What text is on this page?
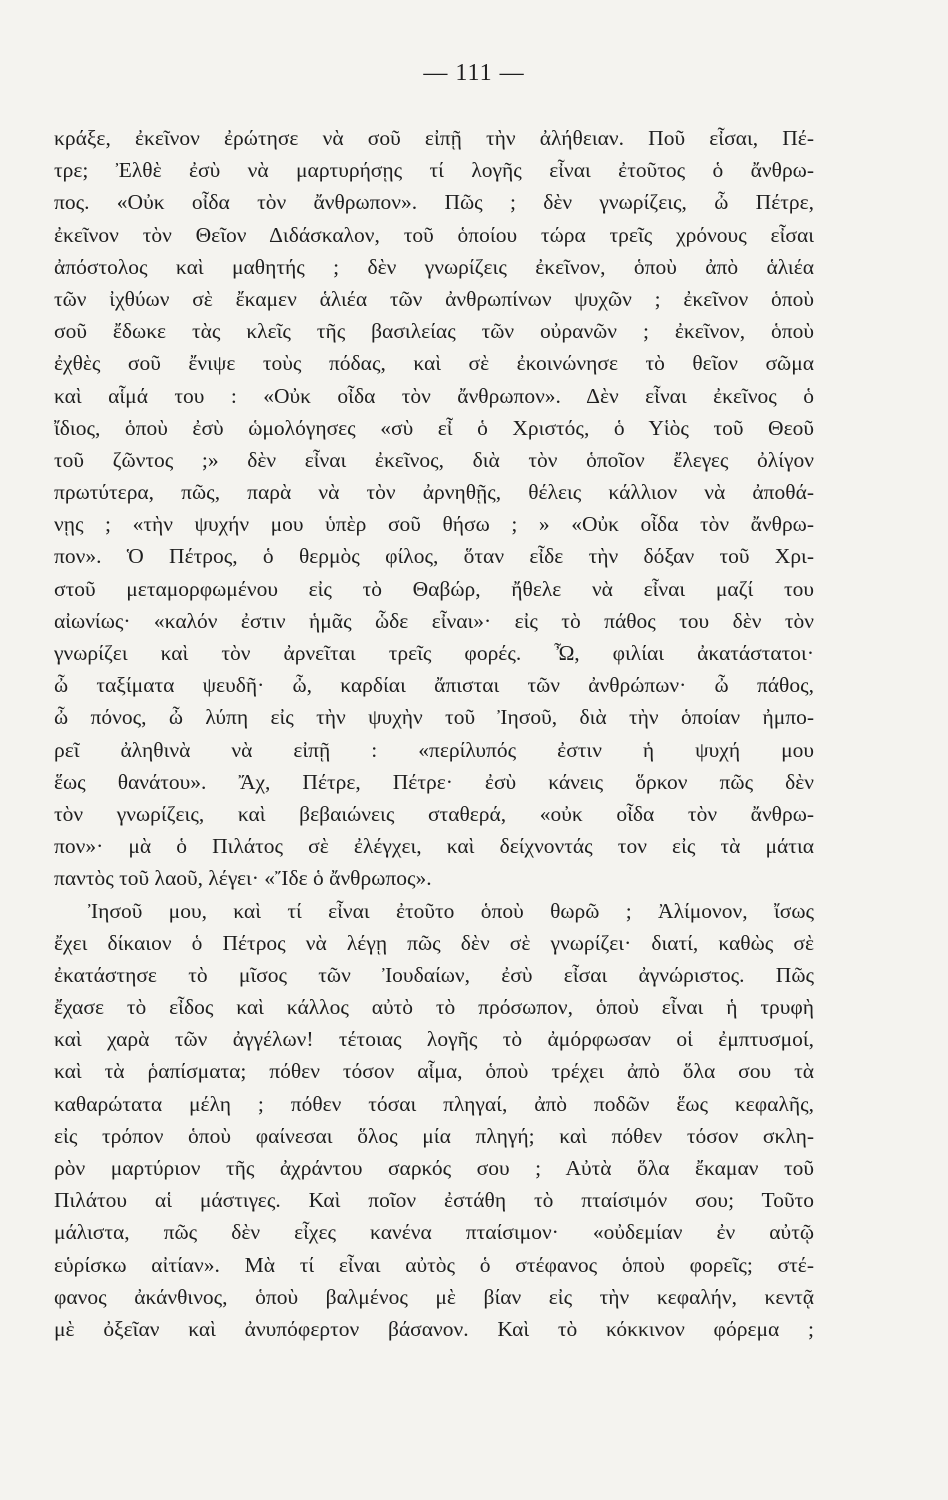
— 111 —
κράξε, ἐκεῖνον ἐρώτησε νὰ σοῦ εἰπῇ τὴν ἀλήθειαν. Ποῦ εἶσαι, Πέ-
τρε; Ἐλθὲ ἐσὺ νὰ μαρτυρήσῃς τί λογῆς εἶναι ἐτοῦτος ὁ ἄνθρω-
πος. «Οὐκ οἶδα τὸν ἄνθρωπον». Πῶς ; δὲν γνωρίζεις, ὦ Πέτρε,
ἐκεῖνον τὸν Θεῖον Διδάσκαλον, τοῦ ὁποίου τώρα τρεῖς χρόνους εἶσαι
ἀπόστολος καὶ μαθητής ; δὲν γνωρίζεις ἐκεῖνον, ὁποὺ ἀπὸ ἁλιέα
τῶν ἰχθύων σὲ ἔκαμεν ἁλιέα τῶν ἀνθρωπίνων ψυχῶν ; ἐκεῖνον ὁποὺ
σοῦ ἔδωκε τὰς κλεῖς τῆς βασιλείας τῶν οὐρανῶν ; ἐκεῖνον, ὁποὺ
ἐχθὲς σοῦ ἔνιψε τοὺς πόδας, καὶ σὲ ἐκοινώνησε τὸ θεῖον σῶμα
καὶ αἷμά του : «Οὐκ οἶδα τὸν ἄνθρωπον». Δὲν εἶναι ἐκεῖνος ὁ
ἴδιος, ὁποὺ ἐσὺ ὡμολόγησες «σὺ εἶ ὁ Χριστός, ὁ Υἱὸς τοῦ Θεοῦ
τοῦ ζῶντος ;» δὲν εἶναι ἐκεῖνος, διὰ τὸν ὁποῖον ἔλεγες ὀλίγον
πρωτύτερα, πῶς, παρὰ νὰ τὸν ἀρνηθῇς, θέλεις κάλλιον νὰ ἀποθά-
νῃς ; «τὴν ψυχήν μου ὑπὲρ σοῦ θήσω ; » «Οὐκ οἶδα τὸν ἄνθρω-
πον». Ὁ Πέτρος, ὁ θερμὸς φίλος, ὅταν εἶδε τὴν δόξαν τοῦ Χρι-
στοῦ μεταμορφωμένου εἰς τὸ Θαβώρ, ἤθελε νὰ εἶναι μαζί του
αἰωνίως· «καλόν ἐστιν ἡμᾶς ὧδε εἶναι»· εἰς τὸ πάθος του δὲν τὸν
γνωρίζει καὶ τὸν ἀρνεῖται τρεῖς φορές. Ὦ, φιλίαι ἀκατάστατοι·
ὦ ταξίματα ψευδῆ· ὦ, καρδίαι ἄπισται τῶν ἀνθρώπων· ὦ πάθος,
ὦ πόνος, ὦ λύπη εἰς τὴν ψυχὴν τοῦ Ἰησοῦ, διὰ τὴν ὁποίαν ἠμπο-
ρεῖ ἀληθινὰ νὰ εἰπῇ : «περίλυπός ἐστιν ἡ ψυχή μου
ἕως θανάτου». Ἄχ, Πέτρε, Πέτρε· ἐσὺ κάνεις ὅρκον πῶς δὲν
τὸν γνωρίζεις, καὶ βεβαιώνεις σταθερά, «οὐκ οἶδα τὸν ἄνθρω-
πον»· μὰ ὁ Πιλάτος σὲ ἐλέγχει, καὶ δείχνοντάς τον εἰς τὰ μάτια
παντὸς τοῦ λαοῦ, λέγει· «Ἴδε ὁ ἄνθρωπος».
Ἰησοῦ μου, καὶ τί εἶναι ἐτοῦτο ὁποὺ θωρῶ ; Ἀλίμονον, ἴσως
ἔχει δίκαιον ὁ Πέτρος νὰ λέγῃ πῶς δὲν σὲ γνωρίζει· διατί, καθὼς σὲ
ἐκατάστησε τὸ μῖσος τῶν Ἰουδαίων, ἐσὺ εἶσαι ἀγνώριστος. Πῶς
ἔχασε τὸ εἶδος καὶ κάλλος αὐτὸ τὸ πρόσωπον, ὁποὺ εἶναι ἡ τρυφὴ
καὶ χαρὰ τῶν ἀγγέλων! τέτοιας λογῆς τὸ ἀμόρφωσαν οἱ ἐμπτυσμοί,
καὶ τὰ ῥαπίσματα; πόθεν τόσον αἷμα, ὁποὺ τρέχει ἀπὸ ὅλα σου τὰ
καθαρώτατα μέλη ; πόθεν τόσαι πληγαί, ἀπὸ ποδῶν ἕως κεφαλῆς,
εἰς τρόπον ὁποὺ φαίνεσαι ὅλος μία πληγή; καὶ πόθεν τόσον σκλη-
ρὸν μαρτύριον τῆς ἀχράντου σαρκός σου ; Αὐτὰ ὅλα ἔκαμαν τοῦ
Πιλάτου αἱ μάστιγες. Καὶ ποῖον ἐστάθη τὸ πταίσιμόν σου; Τοῦτο
μάλιστα, πῶς δὲν εἶχες κανένα πταίσιμον· «οὐδεμίαν ἐν αὐτῷ
εὑρίσκω αἰτίαν». Μὰ τί εἶναι αὐτὸς ὁ στέφανος ὁποὺ φορεῖς; στέ-
φανος ἀκάνθινος, ὁποὺ βαλμένος μὲ βίαν εἰς τὴν κεφαλήν, κεντᾷ
μὲ ὀξεῖαν καὶ ἀνυπόφερτον βάσανον. Καὶ τὸ κόκκινον φόρεμα ;
